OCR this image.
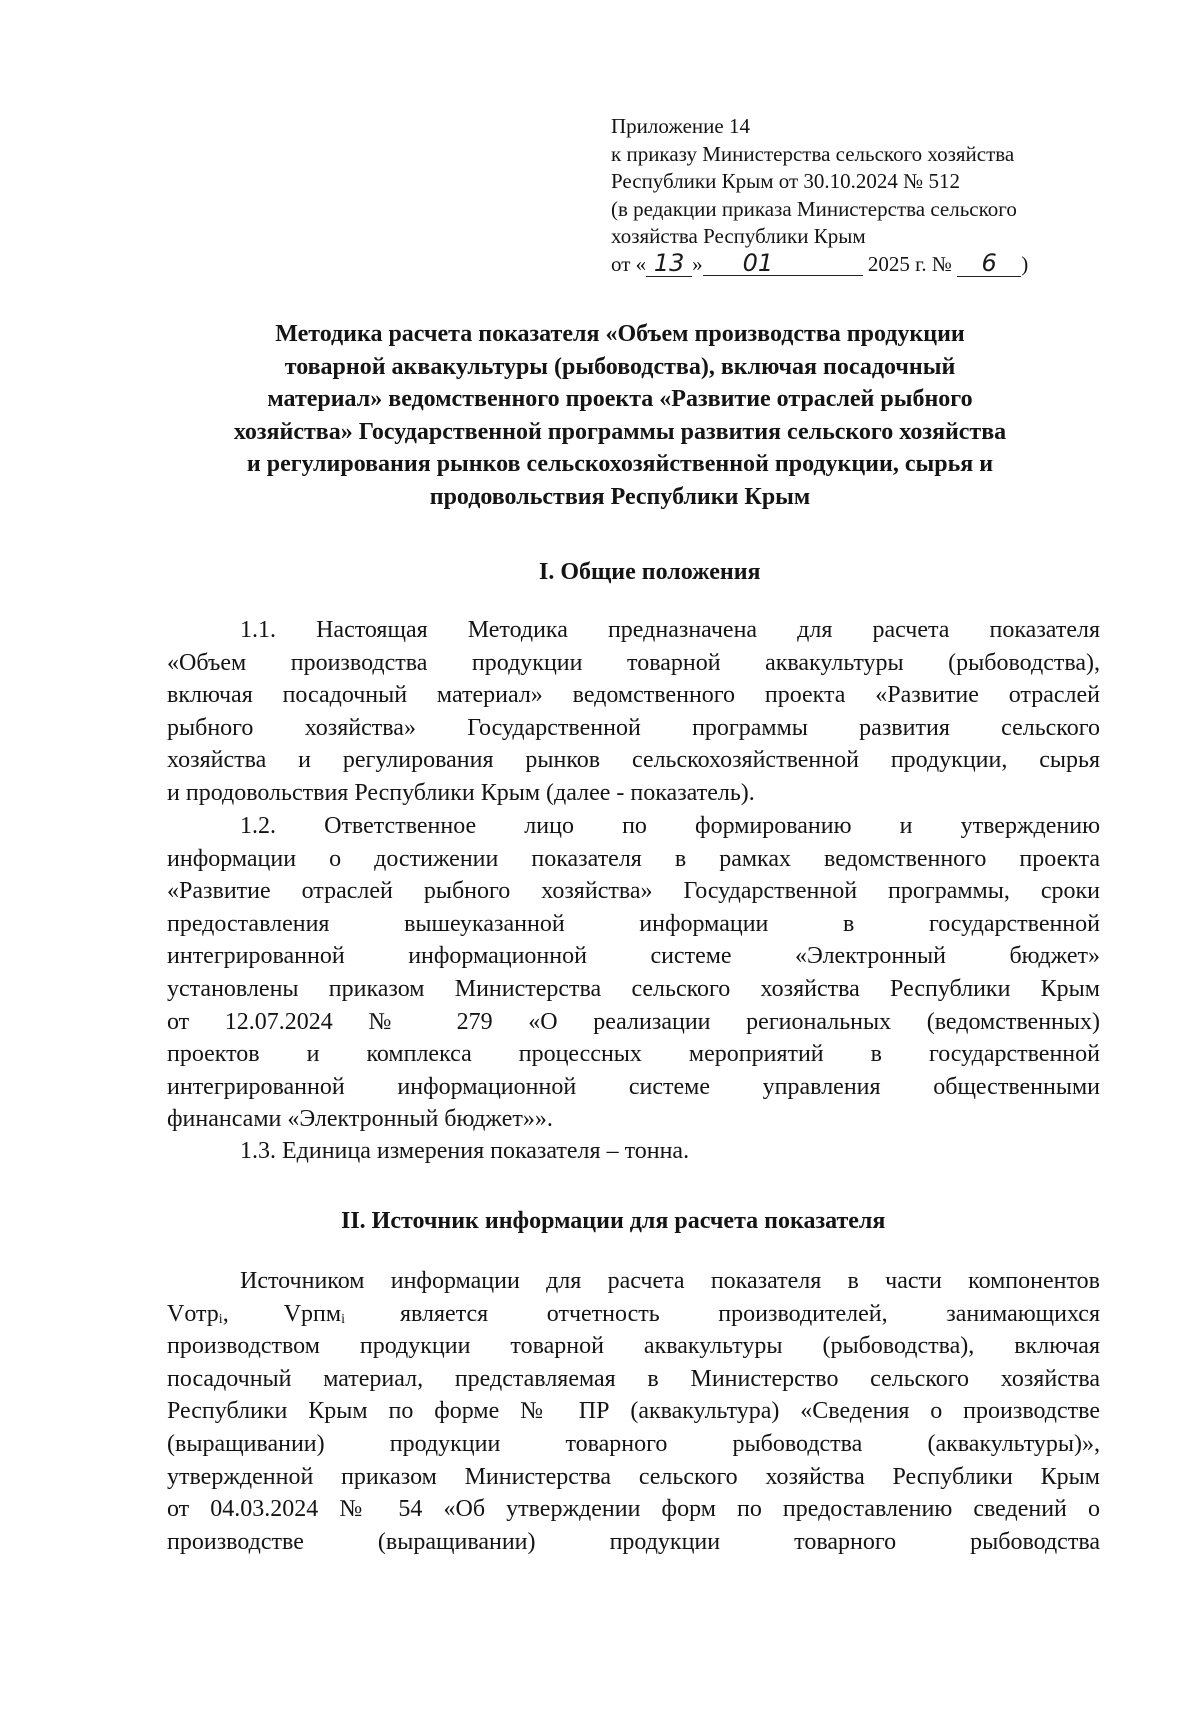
Приложение 14
к приказу Министерства сельского хозяйства
Республики Крым от 30.10.2024 № 512
(в редакции приказа Министерства сельского
хозяйства Республики Крым
от « 13 » 01	2025 г. № 6 )
Методика расчета показателя «Объем производства продукции
товарной аквакультуры (рыбоводства), включая посадочный
материал» ведомственного проекта «Развитие отраслей рыбного
хозяйства» Государственной программы развития сельского хозяйства
и регулирования рынков сельскохозяйственной продукции, сырья и
продовольствия Республики Крым
I. Общие положения
1.1. Настоящая Методика предназначена для расчета показателя
«Объем производства продукции товарной аквакультуры (рыбоводства),
включая посадочный материал» ведомственного проекта «Развитие отраслей
рыбного хозяйства» Государственной программы развития сельского
хозяйства и регулирования рынков сельскохозяйственной продукции, сырья
и продовольствия Республики Крым (далее - показатель).
1.2. Ответственное лицо по формированию и утверждению
информации о достижении показателя в рамках ведомственного проекта
«Развитие отраслей рыбного хозяйства» Государственной программы, сроки
предоставления вышеуказанной информации в государственной
интегрированной информационной системе «Электронный бюджет»
установлены приказом Министерства сельского хозяйства Республики Крым
от 12.07.2024 № 279 «О реализации региональных (ведомственных)
проектов и комплекса процессных мероприятий в государственной
интегрированной информационной системе управления общественными
финансами «Электронный бюджет»».
1.3. Единица измерения показателя – тонна.
II. Источник информации для расчета показателя
Источником информации для расчета показателя в части компонентов
Vотрi, Vрпмi является отчетность производителей, занимающихся
производством продукции товарной аквакультуры (рыбоводства), включая
посадочный материал, представляемая в Министерство сельского хозяйства
Республики Крым по форме № ПР (аквакультура) «Сведения о производстве
(выращивании) продукции товарного рыбоводства (аквакультуры)»,
утвержденной приказом Министерства сельского хозяйства Республики Крым
от 04.03.2024 № 54 «Об утверждении форм по предоставлению сведений о
производстве (выращивании) продукции товарного рыбоводства
